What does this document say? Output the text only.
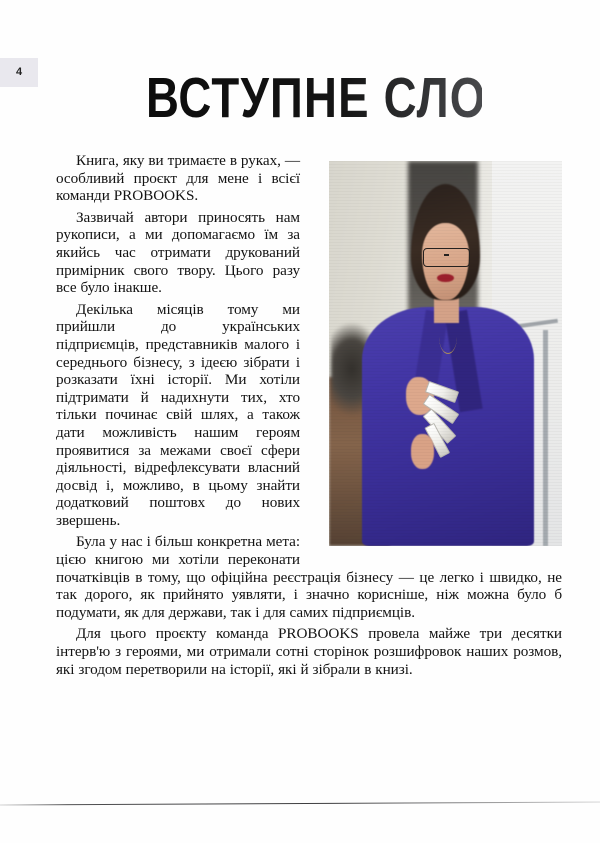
4 ВСТУПНЕ СЛОВО

Книга, яку ви тримаєте в руках, — особливий проєкт для мене і всієї команди PROBOOKS.

Зазвичай автори приносять нам рукописи, а ми допомагаємо їм за якийсь час отримати друкований примірник свого твору. Цього разу все було інакше.

Декілька місяців тому ми прийшли до українських підприємців, представників малого і середнього бізнесу, з ідеєю зібрати і розказати їхні історії. Ми хотіли підтримати й надихнути тих, хто тільки починає свій шлях, а також дати можливість нашим героям проявитися за межами своєї сфери діяльності, відрефлексувати власний досвід і, можливо, в цьому знайти додатковий поштовх до нових звершень.

Була у нас і більш конкретна мета: цією книгою ми хотіли переконати початківців в тому, що офіційна реєстрація бізнесу — це легко і швидко, не так дорого, як прийнято уявляти, і значно корисніше, ніж можна було б подумати, як для держави, так і для самих підприємців.

Для цього проєкту команда PROBOOKS провела майже три десятки інтерв'ю з героями, ми отримали сотні сторінок розшифровок наших розмов, які згодом перетворили на історії, які й зібрали в книзі.
